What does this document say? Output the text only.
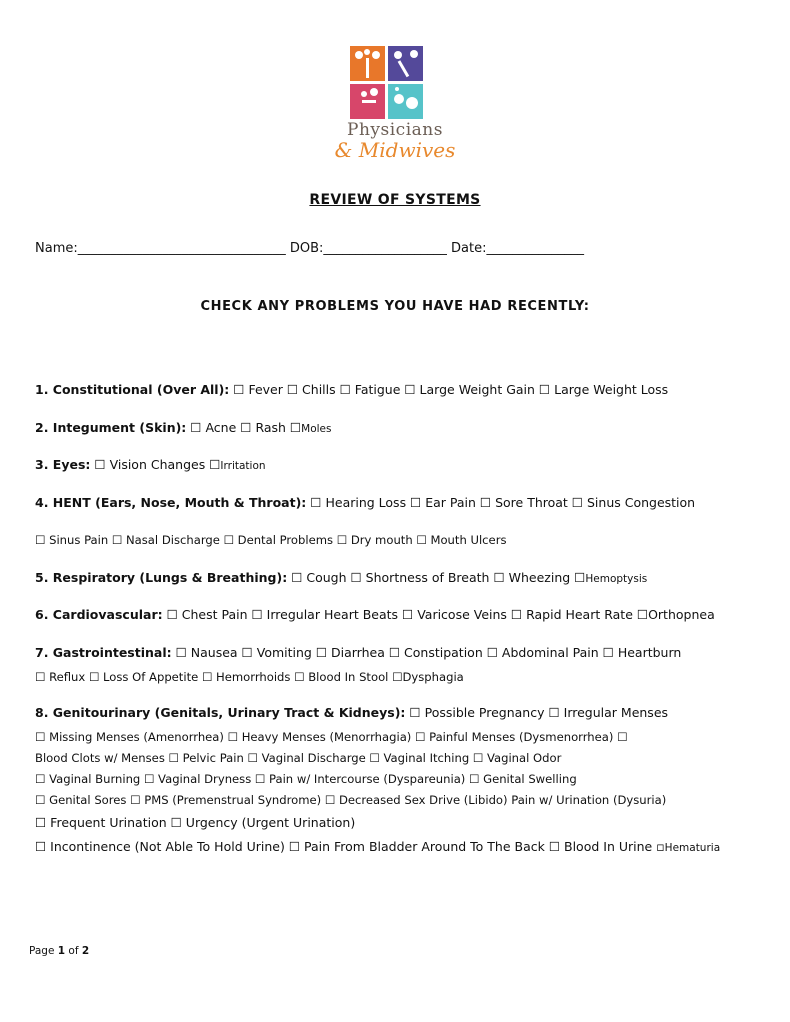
Physicians
& Midwives
REVIEW OF SYSTEMS
Name:________________________________ DOB:___________________ Date:_______________
CHECK ANY PROBLEMS YOU HAVE HAD RECENTLY:
1. Constitutional (Over All): ☐ Fever ☐ Chills ☐ Fatigue ☐ Large Weight Gain ☐ Large Weight Loss
2. Integument (Skin): ☐ Acne ☐ Rash ☐Moles
3. Eyes: ☐ Vision Changes ☐Irritation
4. HENT (Ears, Nose, Mouth & Throat): ☐ Hearing Loss ☐ Ear Pain ☐ Sore Throat ☐ Sinus Congestion
☐ Sinus Pain ☐ Nasal Discharge ☐ Dental Problems ☐ Dry mouth ☐ Mouth Ulcers
5. Respiratory (Lungs & Breathing): ☐ Cough ☐ Shortness of Breath ☐ Wheezing ☐Hemoptysis
6. Cardiovascular: ☐ Chest Pain ☐ Irregular Heart Beats ☐ Varicose Veins ☐ Rapid Heart Rate ☐Orthopnea
7. Gastrointestinal: ☐ Nausea ☐ Vomiting ☐ Diarrhea ☐ Constipation ☐ Abdominal Pain ☐ Heartburn
☐ Reflux ☐ Loss Of Appetite ☐ Hemorrhoids ☐ Blood In Stool ☐Dysphagia
8. Genitourinary (Genitals, Urinary Tract & Kidneys): ☐ Possible Pregnancy ☐ Irregular Menses
☐ Missing Menses (Amenorrhea) ☐ Heavy Menses (Menorrhagia) ☐ Painful Menses (Dysmenorrhea) ☐
Blood Clots w/ Menses ☐ Pelvic Pain ☐ Vaginal Discharge ☐ Vaginal Itching ☐ Vaginal Odor
☐ Vaginal Burning ☐ Vaginal Dryness ☐ Pain w/ Intercourse (Dyspareunia) ☐ Genital Swelling
☐ Genital Sores ☐ PMS (Premenstrual Syndrome) ☐ Decreased Sex Drive (Libido) Pain w/ Urination (Dysuria)
☐ Frequent Urination ☐ Urgency (Urgent Urination)
☐ Incontinence (Not Able To Hold Urine) ☐ Pain From Bladder Around To The Back ☐ Blood In Urine ▫Hematuria
Page 1 of 2
